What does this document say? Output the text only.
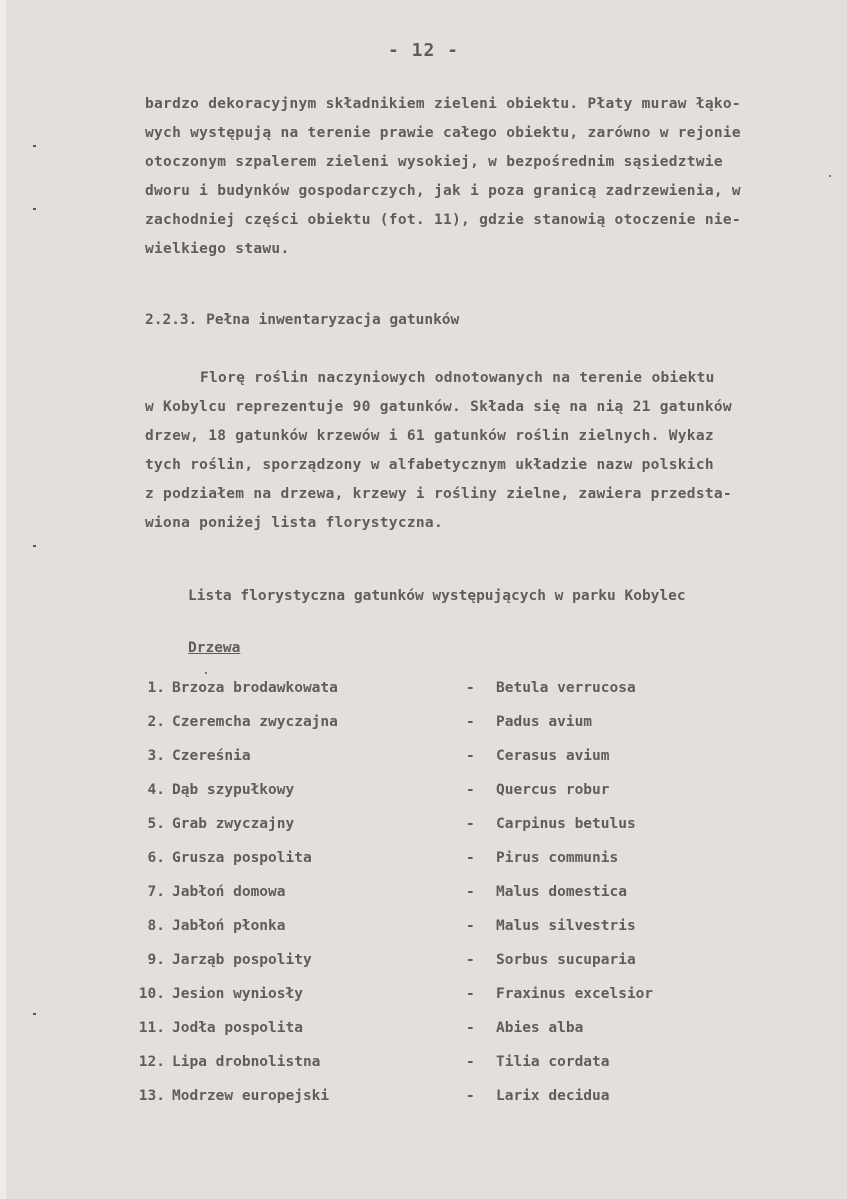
- 12 -
bardzo dekoracyjnym składnikiem zieleni obiektu. Płaty muraw łąko-
wych występują na terenie prawie całego obiektu, zarówno w rejonie
otoczonym szpalerem zieleni wysokiej, w bezpośrednim sąsiedztwie
dworu i budynków gospodarczych, jak i poza granicą zadrzewienia, w
zachodniej części obiektu (fot. 11), gdzie stanowią otoczenie nie-
wielkiego stawu.
2.2.3. Pełna inwentaryzacja gatunków
Florę roślin naczyniowych odnotowanych na terenie obiektu
w Kobylcu reprezentuje 90 gatunków. Składa się na nią 21 gatunków
drzew, 18 gatunków krzewów i 61 gatunków roślin zielnych. Wykaz
tych roślin, sporządzony w alfabetycznym układzie nazw polskich
z podziałem na drzewa, krzewy i rośliny zielne, zawiera przedsta-
wiona poniżej lista florystyczna.
Lista florystyczna gatunków występujących w parku Kobylec
Drzewa
1. Brzoza brodawkowata	- Betula verrucosa
2. Czeremcha zwyczajna	- Padus avium
3. Czereśnia	- Cerasus avium
4. Dąb szypułkowy	- Quercus robur
5. Grab zwyczajny	- Carpinus betulus
6. Grusza pospolita	- Pirus communis
7. Jabłoń domowa	- Malus domestica
8. Jabłoń płonka	- Malus silvestris
9. Jarząb pospolity	- Sorbus sucuparia
10. Jesion wyniosły	- Fraxinus excelsior
11. Jodła pospolita	- Abies alba
12. Lipa drobnolistna	- Tilia cordata
13. Modrzew europejski	- Larix decidua
